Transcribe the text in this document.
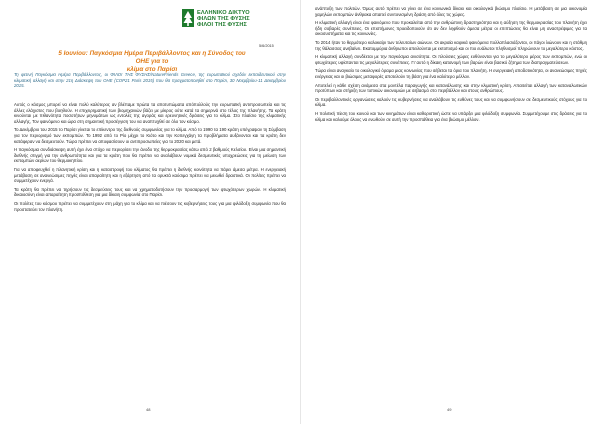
ΕΛΛΗΝΙΚΟ ΔΙΚΤΥΟ
ΦΙΛΩΝ ΤΗΣ ΦΥΣΗΣ
ΦΙΛΟΙ ΤΗΣ ΦΥΣΗΣ
5/6/2015
5 Ιουνίου: Παγκόσμια Ημέρα Περιβάλλοντος και η Σύνοδος του ΟΗΕ για το
κλίμα στο Παρίσι
Τη φετινή Παγκόσμια Ημέρα Περιβάλλοντος, οι ΦΙΛΟΙ ΤΗΣ ΦΥΣΗΣ/NatureFriends Greece, της ευρωπαϊκού σχεδόν εκπαιδευτικού στην κλιματική αλλαγή και στην 21η Διάσκεψη του ΟΗΕ (COP21 Paris 2015) που θα πραγματοποιηθεί στο Παρίσι, 30 Νοεμβρίου-11 Δεκεμβρίου 2015.

Αυτός ο κόσμος μπορεί να είναι πολύ καλύτερος αν βλέπαμε πρώτα τα αποτυπώματα απόπολλούς την ευρωπαϊκή αντιπροσωπεία και τις άλλες ελάχιστες που βοηθούν. Η επιχειρηματική των βιομηχανιών βάζει με μίκρος ούτε κατά τα σημερινά στο τέλος της πλανήτης. Τα κράτη κινούνται με πιθανότητα ποσοτήτων μηνυμάτων ως εντολές της αγοράς και ερευνητικές δράσεις για το κλίμα. Στο πλαίσιο της κλιματικής αλλαγής, Τον φαινόμενο και ώρα στη σημαντική προσέγγιση του να αναπτυχθεί σε όλο τον κόσμο.

Το Δεκέμβριο του 2015 το Παρίσι γίνεται το επίκεντρο της διεθνούς συμφωνίας για το κλίμα. Από το 1990 τα 190 κράτη υπέγραψαν τη Σύμβαση για τον περιορισμό των εκπομπών. Το 1992 από το Ρίο μέχρι το Κιότο και την Κοπεγχάγη τα προβλήματα αυξάνονται και τα κράτη δεν κατάφεραν να δεσμευτούν. Τώρα πρέπει να αποφασίσουν οι αντιπροσωπείες για το 2020 και μετά.

Η παγκόσμια συνδιάσκεψη αυτή έχει ένα στόχο να περιορίσει την άνοδο της θερμοκρασίας κάτω από 2 βαθμούς Κελσίου. Είναι μια σημαντική διεθνής στιγμή για την ανθρωπότητα και για τα κράτη που θα πρέπει να αναλάβουν νομικά δεσμευτικές υποχρεώσεις για τη μείωση των εκπομπών αερίων του θερμοκηπίου.

Για να αποφευχθεί η πλανητική κρίση και η καταστροφή του κλίματος θα πρέπει η διεθνής κοινότητα να πάρει άμεσα μέτρα. Η ενεργειακή μετάβαση σε ανανεώσιμες πηγές είναι απαραίτητη και η εξάρτηση από τα ορυκτά καύσιμα πρέπει να μειωθεί δραστικά. Οι πολίτες πρέπει να συμμετέχουν ενεργά.

Τα κράτη θα πρέπει να τηρήσουν τις δεσμεύσεις τους και να χρηματοδοτήσουν την προσαρμογή των φτωχότερων χωρών. Η κλιματική δικαιοσύνη είναι απαραίτητη προϋπόθεση για μια δίκαιη συμφωνία στο Παρίσι.

Οι πολίτες του κόσμου πρέπει να συμμετέχουν στη μάχη για το κλίμα και να πιέσουν τις κυβερνήσεις τους για μια φιλόδοξη συμφωνία που θα προστατεύει τον πλανήτη.

48

ανάπτυξη των πολιτών. Όμως αυτό πρέπει να γίνει σε ένα κοινωνικά δίκαιο και οικολογικά βιώσιμο πλαίσιο. Η μετάβαση σε μια οικονομία χαμηλών εκπομπών άνθρακα απαιτεί συντονισμένη δράση από όλες τις χώρες.

Η κλιματική αλλαγή είναι ένα φαινόμενο που προκαλείται από την ανθρώπινη δραστηριότητα και η αύξηση της θερμοκρασίας του πλανήτη έχει ήδη σοβαρές συνέπειες. Οι επιστήμονες προειδοποιούν ότι αν δεν ληφθούν άμεσα μέτρα οι επιπτώσεις θα είναι μη αναστρέψιμες για τα οικοσυστήματα και τις κοινωνίες.

Το 2014 ήταν το θερμότερο καλοκαίρι των τελευταίων αιώνων. Οι ακραία καιρικά φαινόμενα πολλαπλασιάζονται, οι πάγοι λιώνουν και η στάθμη της θάλασσας ανεβαίνει. Εκατομμύρια άνθρωποι απειλούνται με εκτοπισμό και οι πιο ευάλωτοι πληθυσμοί πληρώνουν το μεγαλύτερο κόστος.

Η κλιματική αλλαγή συνδέεται με την παγκόσμια ανισότητα. Οι πλούσιες χώρες ευθύνονται για το μεγαλύτερο μέρος των εκπομπών, ενώ οι φτωχότερες υφίστανται τις μεγαλύτερες συνέπειες. Γι’ αυτό η δίκαιη κατανομή των βαρών είναι βασικό ζήτημα των διαπραγματεύσεων.

Τώρα είναι αναγκαίο το οικολογικό όραμα μιας κοινωνίας που σέβεται τα όρια του πλανήτη. Η ενεργειακή αποδοτικότητα, οι ανανεώσιμες πηγές ενέργειας και οι βιώσιμες μεταφορές αποτελούν τη βάση για ένα καλύτερο μέλλον.

Αποτελεί η κάθε σχέση ανάμεσα στα μοντέλα παραγωγής και κατανάλωσης και στην κλιματική κρίση. Απαιτείται αλλαγή των καταναλωτικών προτύπων και στήριξη των τοπικών οικονομιών με σεβασμό στο περιβάλλον και στους ανθρώπους.

Οι περιβαλλοντικές οργανώσεις καλούν τις κυβερνήσεις να αναλάβουν τις ευθύνες τους και να συμφωνήσουν σε δεσμευτικούς στόχους για το κλίμα.

Η πολιτική πίεση του κοινού και των κινημάτων είναι καθοριστική ώστε να υπάρξει μια φιλόδοξη συμφωνία. Συμμετέχουμε στις δράσεις για το κλίμα και καλούμε όλους να ενωθούν σε αυτή την προσπάθεια για ένα βιώσιμο μέλλον.

49
